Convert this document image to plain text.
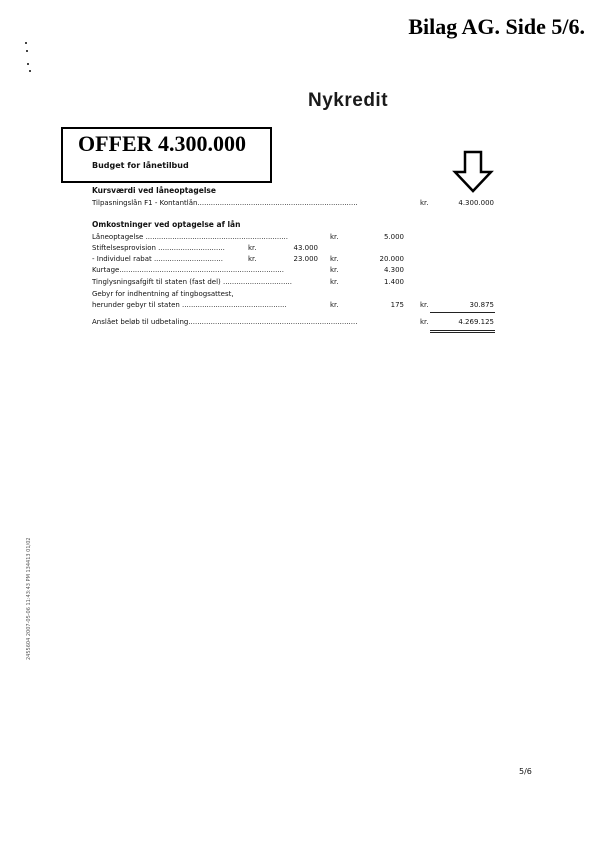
Bilag AG. Side 5/6.
Nykredit
OFFER 4.300.000
Budget for lånetilbud
Kursværdi ved låneoptagelse
Tilpasningslån F1 - Kontantlån........................................................................	kr.	4.300.000
Omkostninger ved optagelse af lån
Låneoptagelse ................................................................	kr.	5.000
Stiftelsesprovision ..............................	kr.	43.000
- Individuel rabat ...............................	kr.	23.000 kr.	20.000
Kurtage..........................................................................	kr.	4.300
Tinglysningsafgift til staten (fast del) ...............................	kr.	1.400
Gebyr for indhentning af tingbogsattest,
herunder gebyr til staten ...............................................	kr.	175 kr.	30.875
Anslået beløb til udbetaling............................................................................	kr.	4.269.125
2455604 2007-05-06 11:43:43 PM 134413 01/02
5/6
